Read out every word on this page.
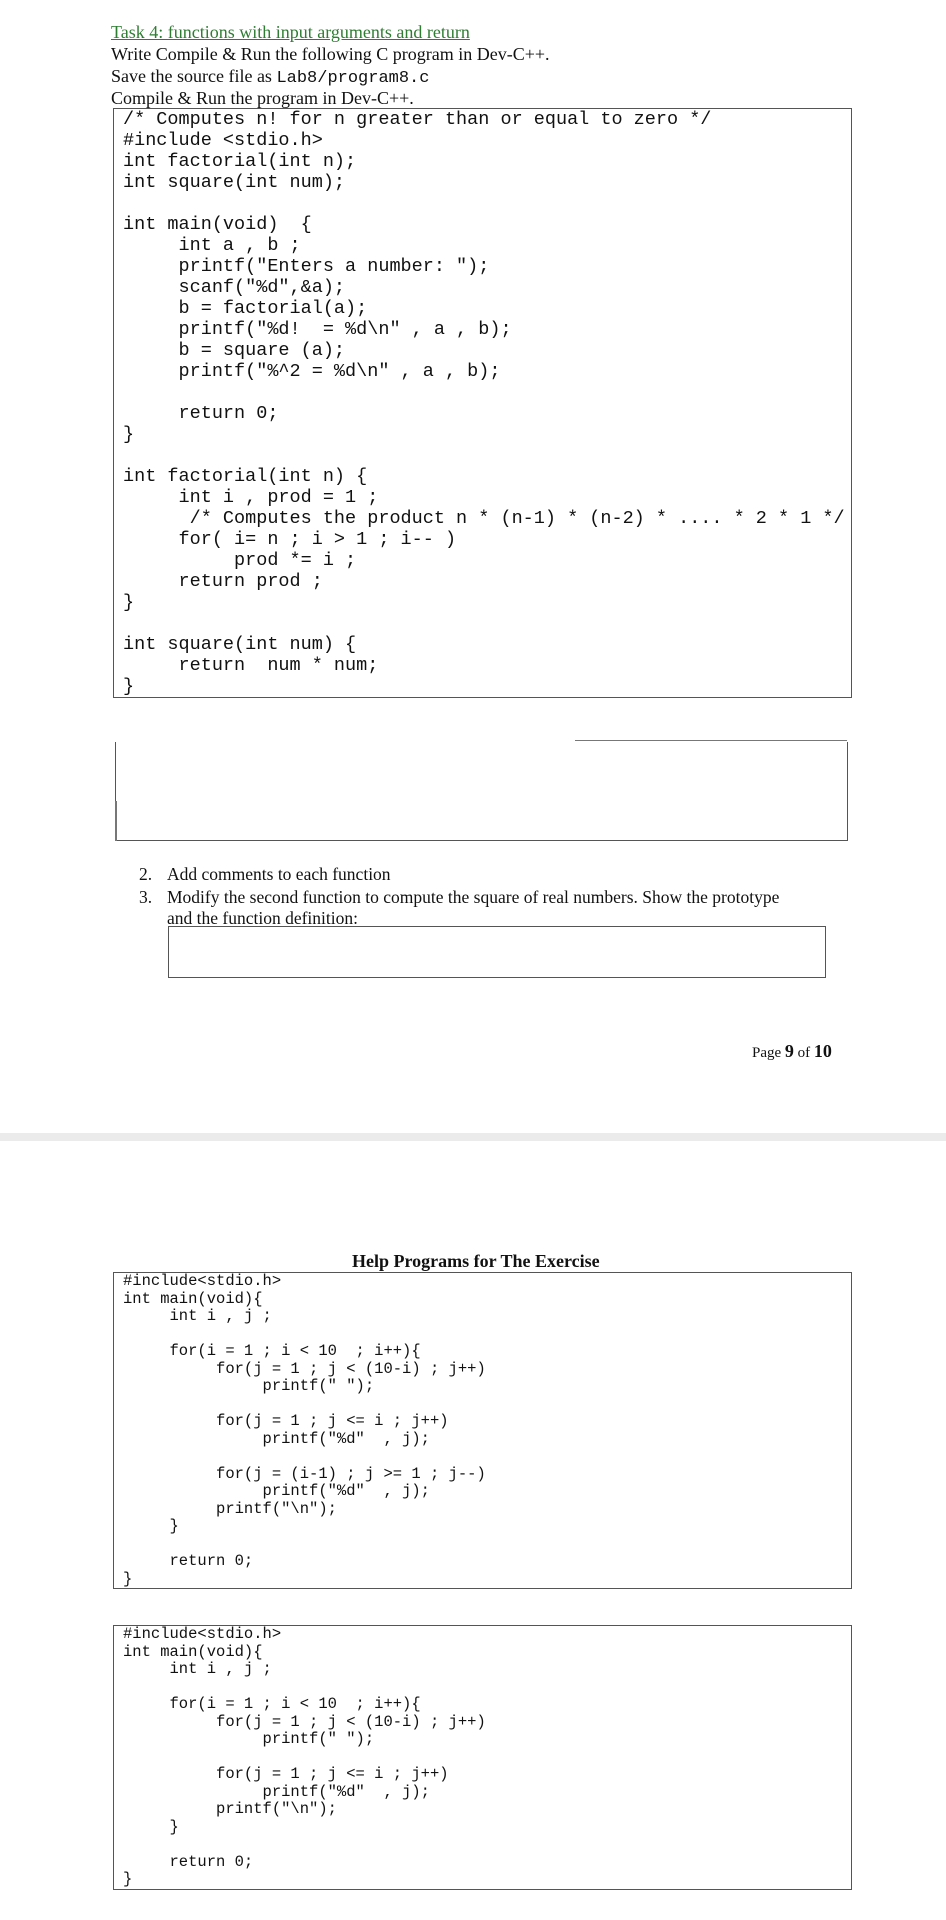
Task 4: functions with input arguments and return
Write Compile & Run the following C program in Dev-C++.
Save the source file as Lab8/program8.c
Compile & Run the program in Dev-C++.
/* Computes n! for n greater than or equal to zero */
#include <stdio.h>
int factorial(int n);
int square(int num);

int main(void)  {
int a , b ;
printf("Enters a number: ");
scanf("%d",&a);
b = factorial(a);
printf("%d!  = %d\n" , a , b);
b = square (a);
printf("%^2 = %d\n" , a , b);

return 0;
}

int factorial(int n) {
int i , prod = 1 ;
/* Computes the product n * (n-1) * (n-2) * .... * 2 * 1 */
for( i= n ; i > 1 ; i-- )
prod *= i ;
return prod ;
}

int square(int num) {
return  num * num;
}
2. Add comments to each function
3. Modify the second function to compute the square of real numbers. Show the prototype
and the function definition:
Page 9 of 10
Help Programs for The Exercise
#include<stdio.h>
int main(void){
int i , j ;

for(i = 1 ; i < 10  ; i++){
for(j = 1 ; j < (10-i) ; j++)
printf(" ");

for(j = 1 ; j <= i ; j++)
printf("%d"  , j);

for(j = (i-1) ; j >= 1 ; j--)
printf("%d"  , j);
printf("\n");
}

return 0;
}
#include<stdio.h>
int main(void){
int i , j ;

for(i = 1 ; i < 10  ; i++){
for(j = 1 ; j < (10-i) ; j++)
printf(" ");

for(j = 1 ; j <= i ; j++)
printf("%d"  , j);
printf("\n");
}

return 0;
}
